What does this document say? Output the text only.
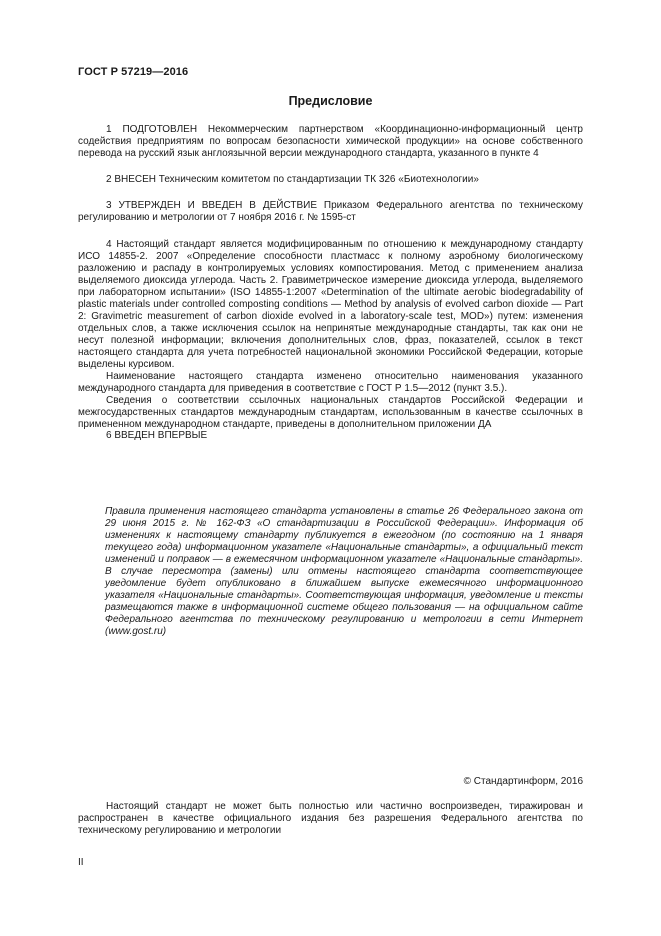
ГОСТ Р 57219—2016
Предисловие

1 ПОДГОТОВЛЕН Некоммерческим партнерством «Координационно-информационный центр содействия предприятиям по вопросам безопасности химической продукции» на основе собственного перевода на русский язык англоязычной версии международного стандарта, указанного в пункте 4

2 ВНЕСЕН Техническим комитетом по стандартизации ТК 326 «Биотехнологии»

3 УТВЕРЖДЕН И ВВЕДЕН В ДЕЙСТВИЕ Приказом Федерального агентства по техническому регулированию и метрологии от 7 ноября 2016 г. № 1595-ст

4 Настоящий стандарт является модифицированным по отношению к международному стандарту ИСО 14855-2. 2007 «Определение способности пластмасс к полному аэробному биологическому разложению и распаду в контролируемых условиях компостирования. Метод с применением анализа выделяемого диоксида углерода. Часть 2. Гравиметрическое измерение диоксида углерода, выделяемого при лабораторном испытании» (ISO 14855-1:2007 «Determination of the ultimate aerobic biodegradability of plastic materials under controlled composting conditions — Method by analysis of evolved carbon dioxide — Part 2: Gravimetric measurement of carbon dioxide evolved in a laboratory-scale test, MOD») путем: изменения отдельных слов, а также исключения ссылок на непринятые международные стандарты, так как они не несут полезной информации; включения дополнительных слов, фраз, показателей, ссылок в текст настоящего стандарта для учета потребностей национальной экономики Российской Федерации, которые выделены курсивом.

Наименование настоящего стандарта изменено относительно наименования указанного международного стандарта для приведения в соответствие с ГОСТ Р 1.5—2012 (пункт 3.5.).

Сведения о соответствии ссылочных национальных стандартов Российской Федерации и межгосударственных стандартов международным стандартам, использованным в качестве ссылочных в примененном международном стандарте, приведены в дополнительном приложении ДА

6 ВВЕДЕН ВПЕРВЫЕ

Правила применения настоящего стандарта установлены в статье 26 Федерального закона от 29 июня 2015 г. № 162-ФЗ «О стандартизации в Российской Федерации». Информация об изменениях к настоящему стандарту публикуется в ежегодном (по состоянию на 1 января текущего года) информационном указателе «Национальные стандарты», а официальный текст изменений и поправок — в ежемесячном информационном указателе «Национальные стандарты». В случае пересмотра (замены) или отмены настоящего стандарта соответствующее уведомление будет опубликовано в ближайшем выпуске ежемесячного информационного указателя «Национальные стандарты». Соответствующая информация, уведомление и тексты размещаются также в информационной системе общего пользования — на официальном сайте Федерального агентства по техническому регулированию и метрологии в сети Интернет (www.gost.ru)

© Стандартинформ, 2016

Настоящий стандарт не может быть полностью или частично воспроизведен, тиражирован и распространен в качестве официального издания без разрешения Федерального агентства по техническому регулированию и метрологии

II
